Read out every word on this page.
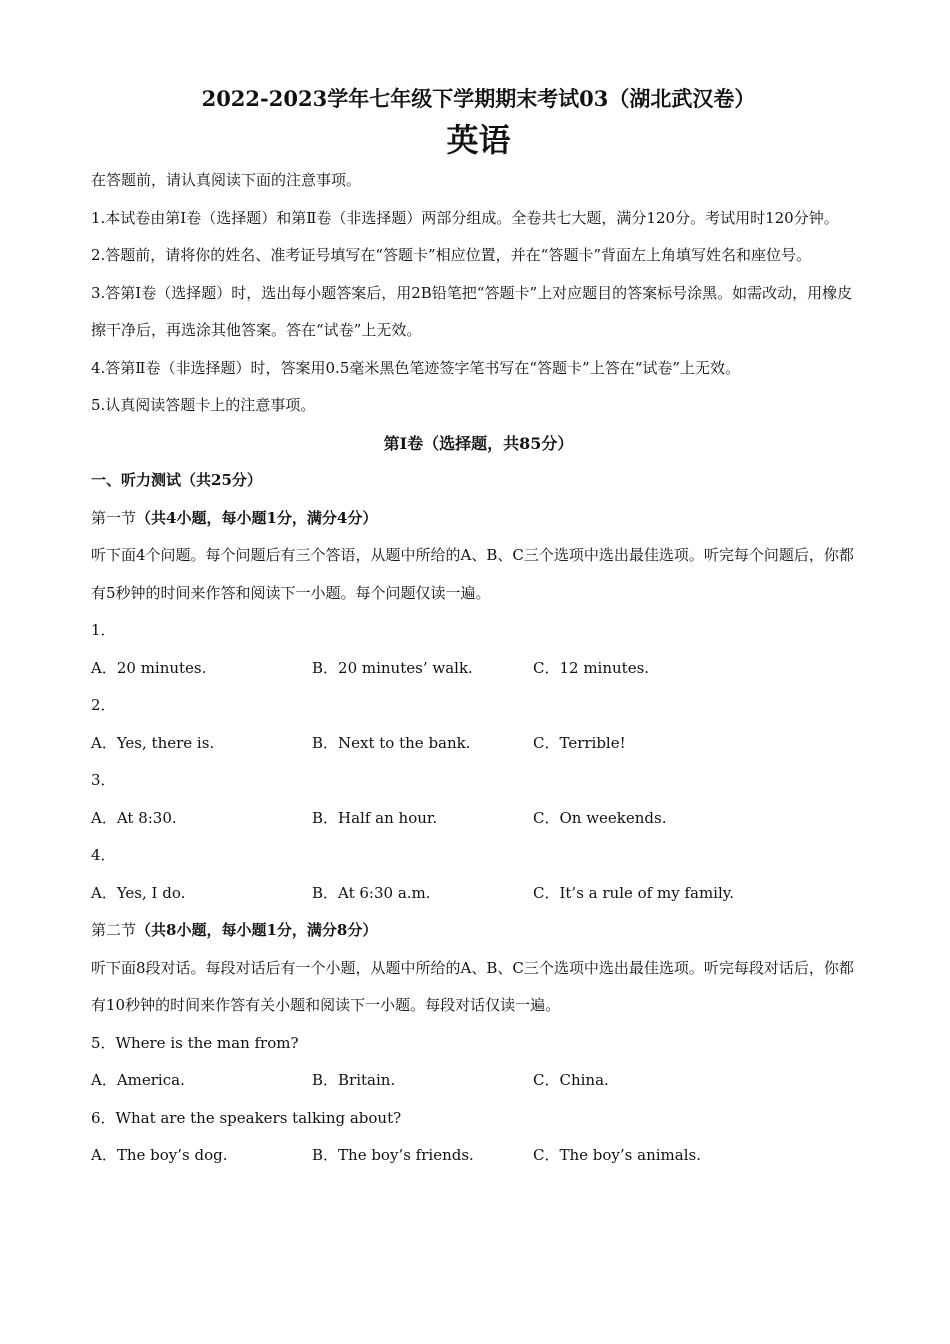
2022-2023学年七年级下学期期末考试03（湖北武汉卷）

英语

在答题前，请认真阅读下面的注意事项。

1.本试卷由第Ⅰ卷（选择题）和第Ⅱ卷（非选择题）两部分组成。全卷共七大题，满分120分。考试用时120分钟。

2.答题前，请将你的姓名、准考证号填写在“答题卡”相应位置，并在“答题卡”背面左上角填写姓名和座位号。

3.答第Ⅰ卷（选择题）时，选出每小题答案后，用2B铅笔把“答题卡”上对应题目的答案标号涂黑。如需改动，用橡皮擦干净后，再选涂其他答案。答在“试卷”上无效。

4.答第Ⅱ卷（非选择题）时，答案用0.5毫米黑色笔迹签字笔书写在“答题卡”上答在“试卷”上无效。

5.认真阅读答题卡上的注意事项。

第Ⅰ卷（选择题，共85分）

一、听力测试（共25分）

第一节（共4小题，每小题1分，满分4分）

听下面4个问题。每个问题后有三个答语，从题中所给的A、B、C三个选项中选出最佳选项。听完每个问题后，你都有5秒钟的时间来作答和阅读下一小题。每个问题仅读一遍。

1．

A．20 minutes.	B．20 minutes’ walk.	C．12 minutes.

2．

A．Yes, there is.	B．Next to the bank.	C．Terrible!

3．

A．At 8:30.	B．Half an hour.	C．On weekends.

4．

A．Yes, I do.	B．At 6:30 a.m.	C．It’s a rule of my family.

第二节（共8小题，每小题1分，满分8分）

听下面8段对话。每段对话后有一个小题，从题中所给的A、B、C三个选项中选出最佳选项。听完每段对话后，你都有10秒钟的时间来作答有关小题和阅读下一小题。每段对话仅读一遍。

5．Where is the man from?

A．America.	B．Britain.	C．China.

6．What are the speakers talking about?

A．The boy’s dog.	B．The boy’s friends.	C．The boy’s animals.
